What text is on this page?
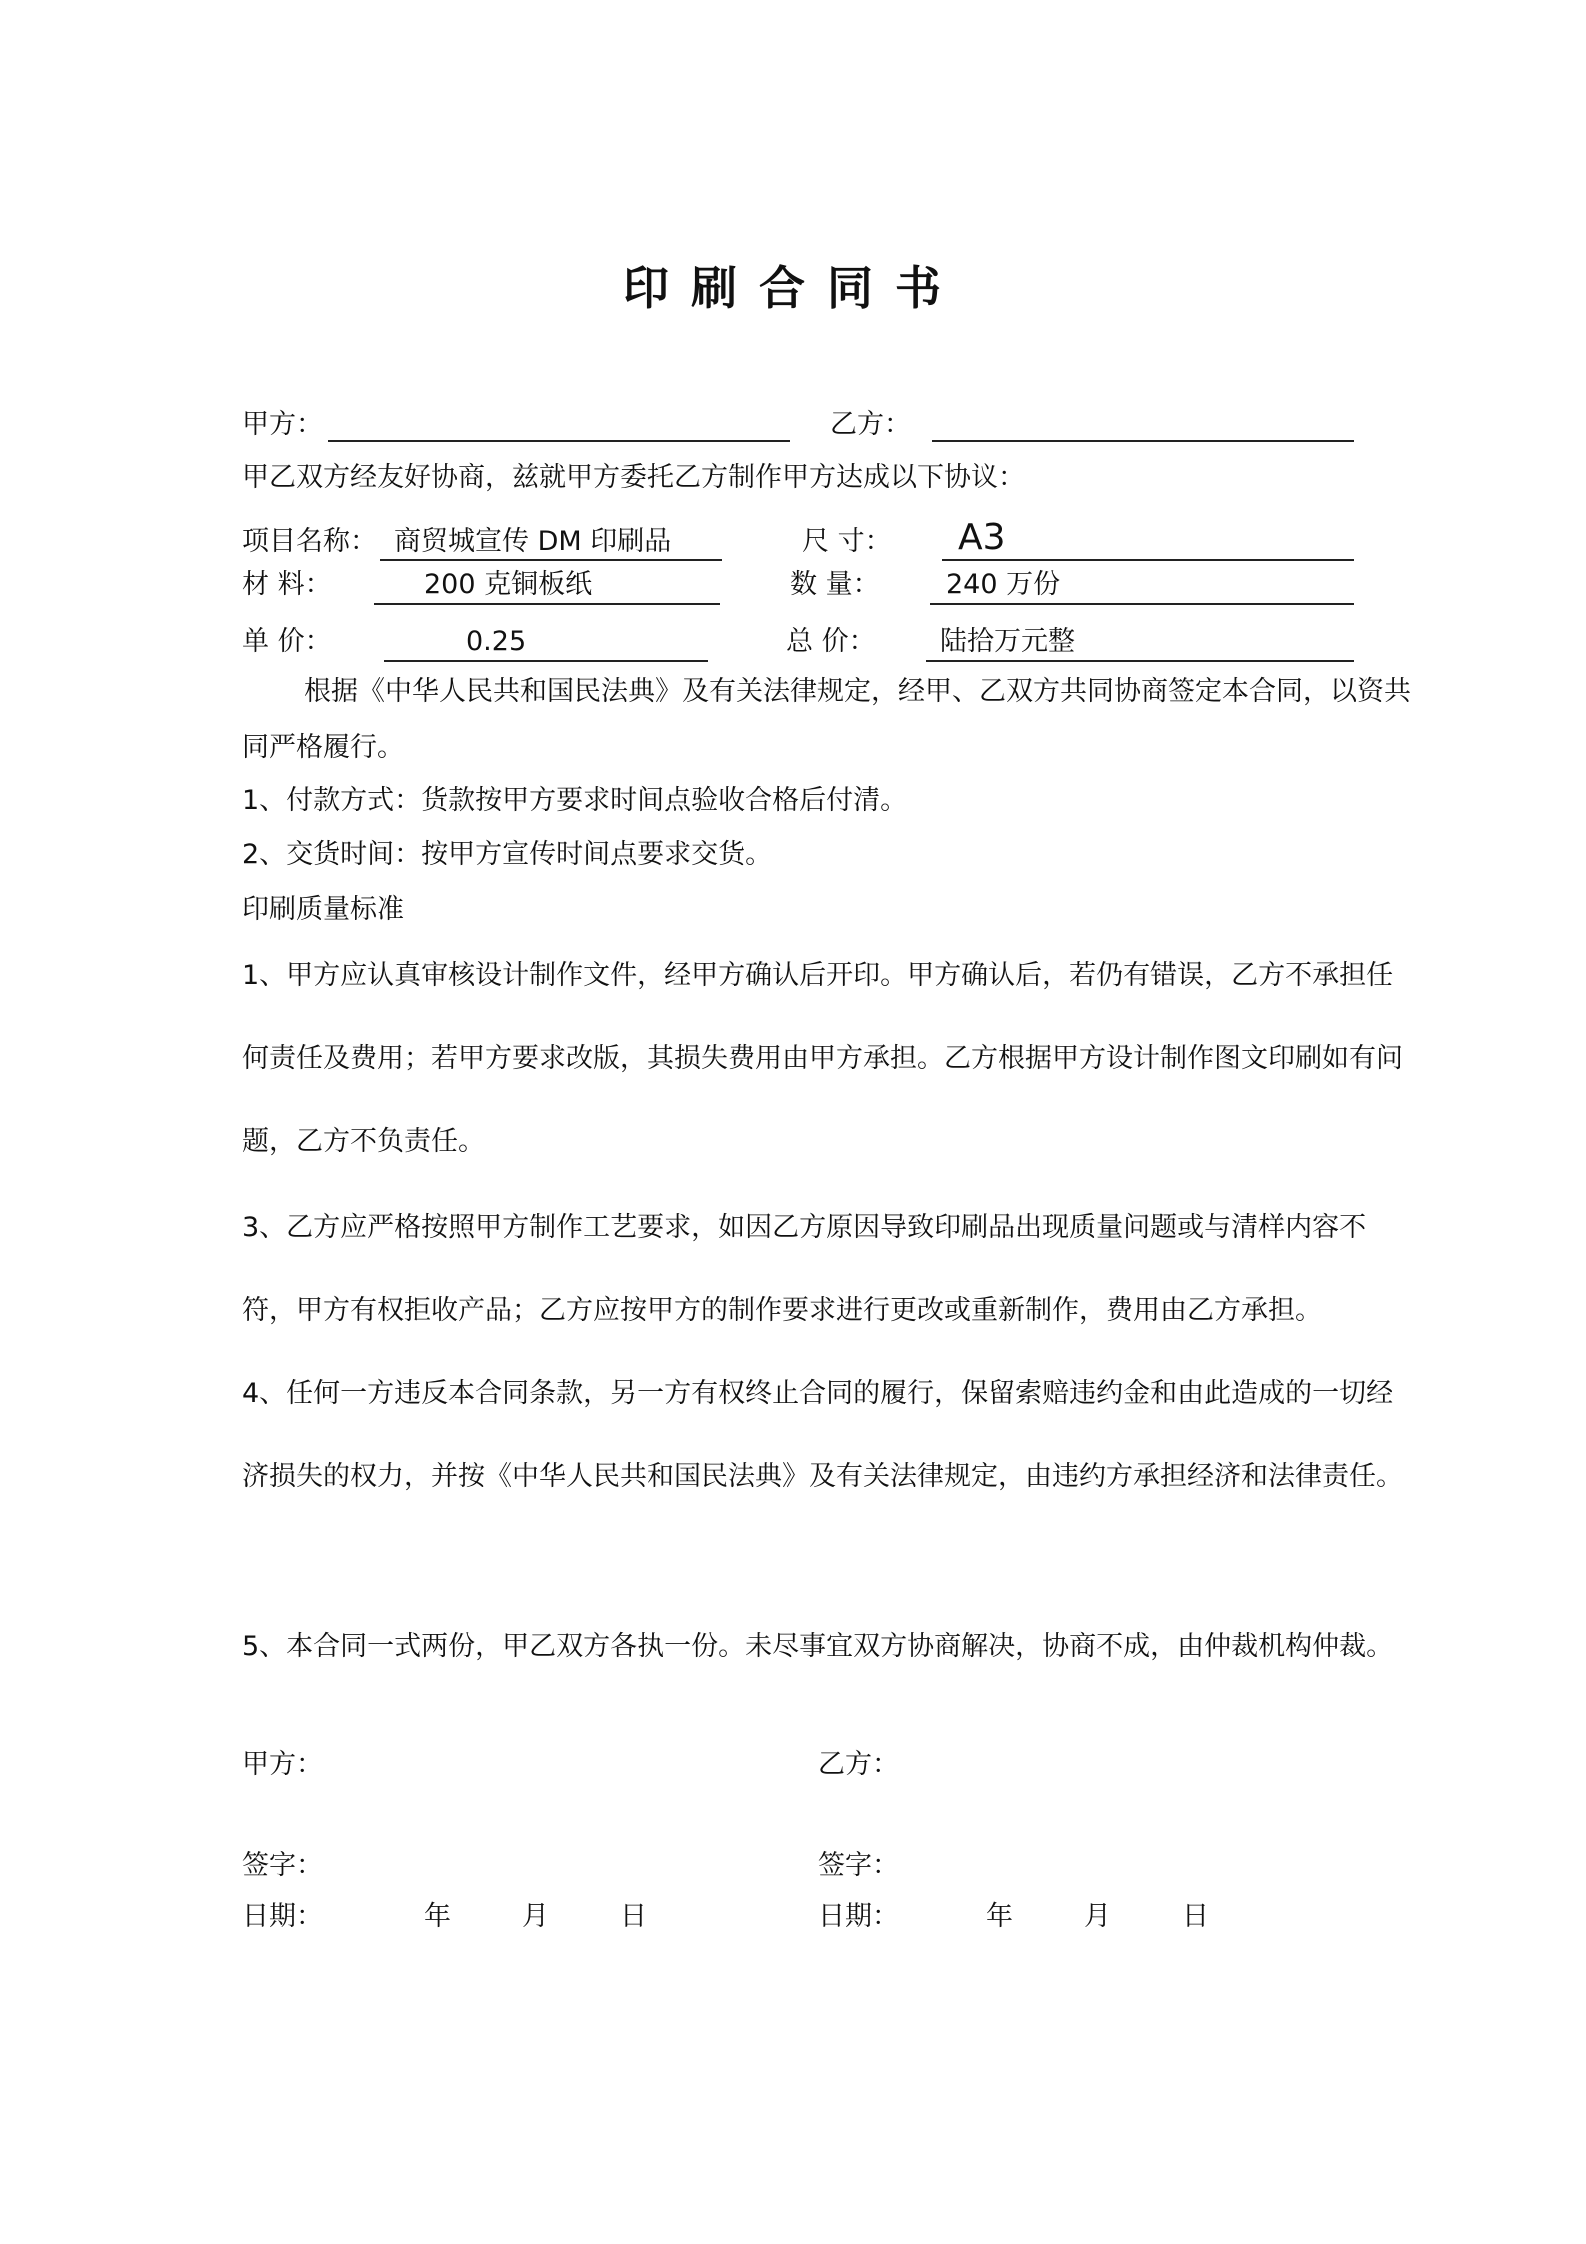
印刷合同书
甲方：	乙方：
甲乙双方经友好协商，兹就甲方委托乙方制作甲方达成以下协议：
项目名称： 商贸城宣传 DM 印刷品	尺 寸： A3
材 料：	200 克铜板纸	数 量： 240 万份
单 价：	0.25	总 价： 陆拾万元整

根据《中华人民共和国民法典》及有关法律规定，经甲、乙双方共同协商签定本合同，以资共同严格履行。

1、付款方式：货款按甲方要求时间点验收合格后付清。
2、交货时间：按甲方宣传时间点要求交货。
印刷质量标准

1、甲方应认真审核设计制作文件，经甲方确认后开印。甲方确认后，若仍有错误，乙方不承担任何责任及费用；若甲方要求改版，其损失费用由甲方承担。乙方根据甲方设计制作图文印刷如有问题，乙方不负责任。

3、乙方应严格按照甲方制作工艺要求，如因乙方原因导致印刷品出现质量问题或与清样内容不符，甲方有权拒收产品；乙方应按甲方的制作要求进行更改或重新制作，费用由乙方承担。

4、任何一方违反本合同条款，另一方有权终止合同的履行，保留索赔违约金和由此造成的一切经济损失的权力，并按《中华人民共和国民法典》及有关法律规定，由违约方承担经济和法律责任。

5、本合同一式两份，甲乙双方各执一份。未尽事宜双方协商解决，协商不成，由仲裁机构仲裁。
甲方：
签字：
日期：	年	月	日
乙方：
签字：
日期：	年	月	日
